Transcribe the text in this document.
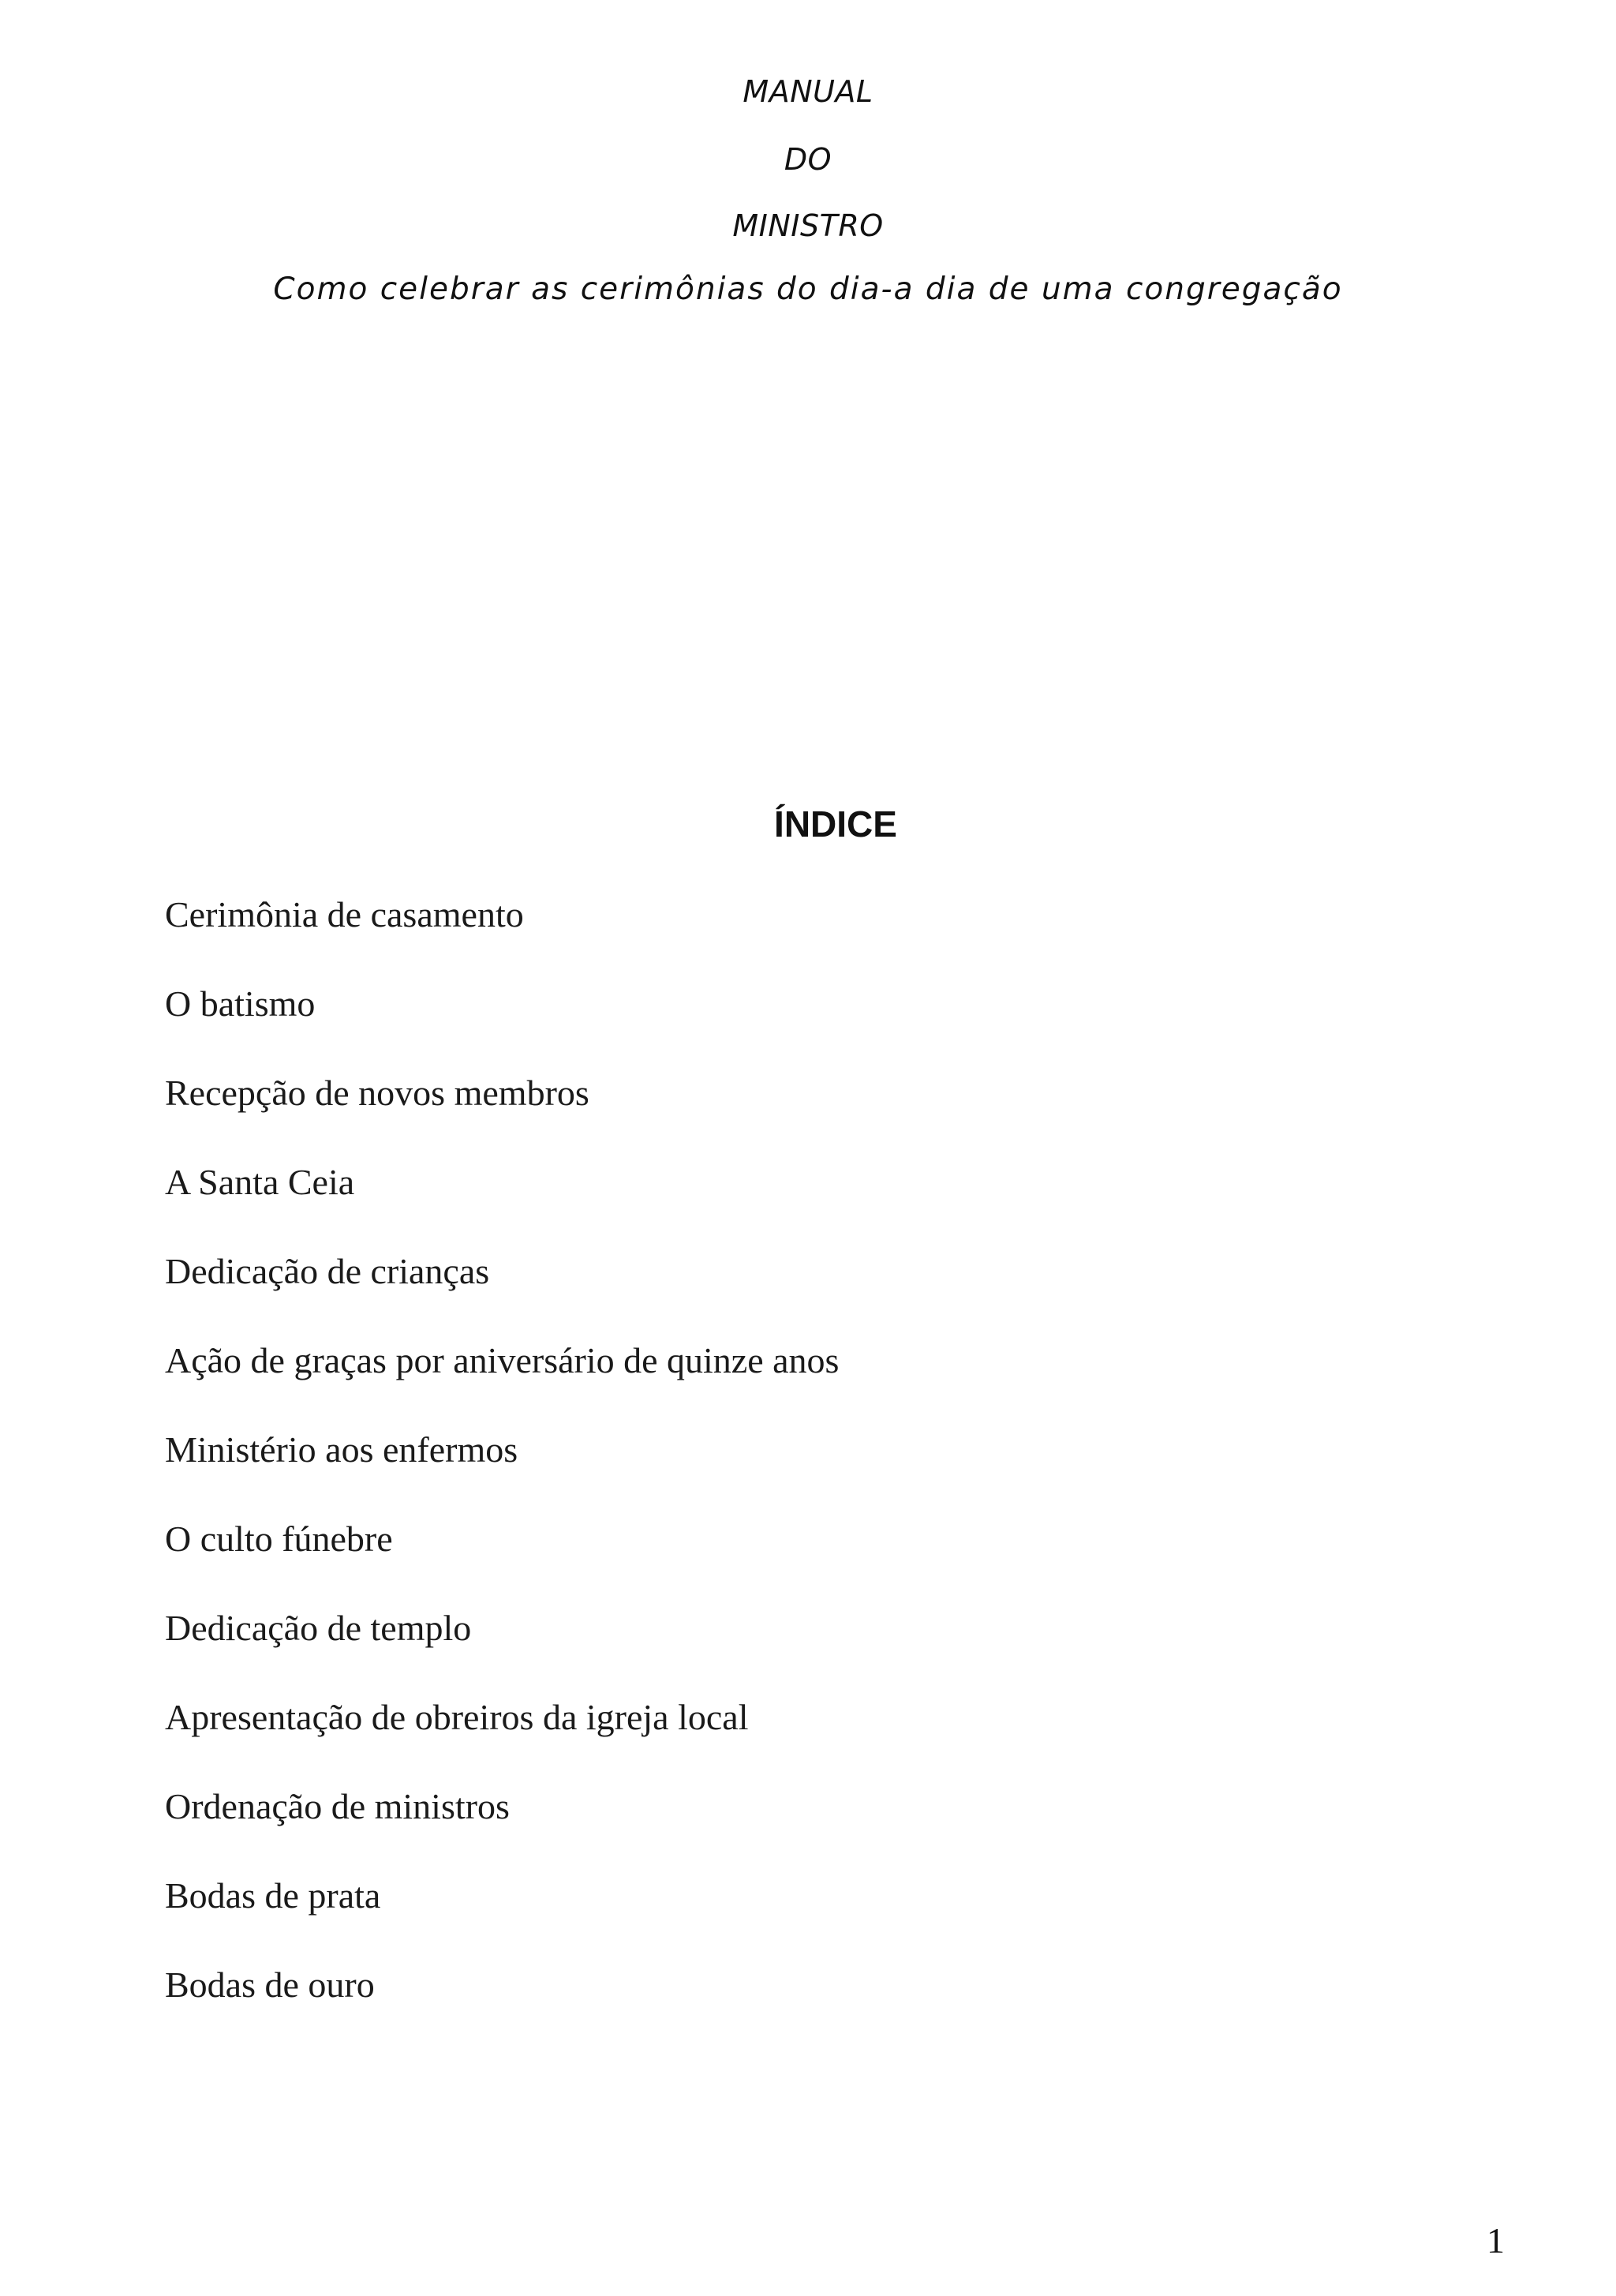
MANUAL
DO
MINISTRO
Como celebrar as cerimônias do dia-a dia de uma congregação
ÍNDICE
Cerimônia de casamento
O batismo
Recepção de novos membros
A Santa Ceia
Dedicação de crianças
Ação de graças por aniversário de quinze anos
Ministério aos enfermos
O culto fúnebre
Dedicação de templo
Apresentação de obreiros da igreja local
Ordenação de ministros
Bodas de prata
Bodas de ouro
1
